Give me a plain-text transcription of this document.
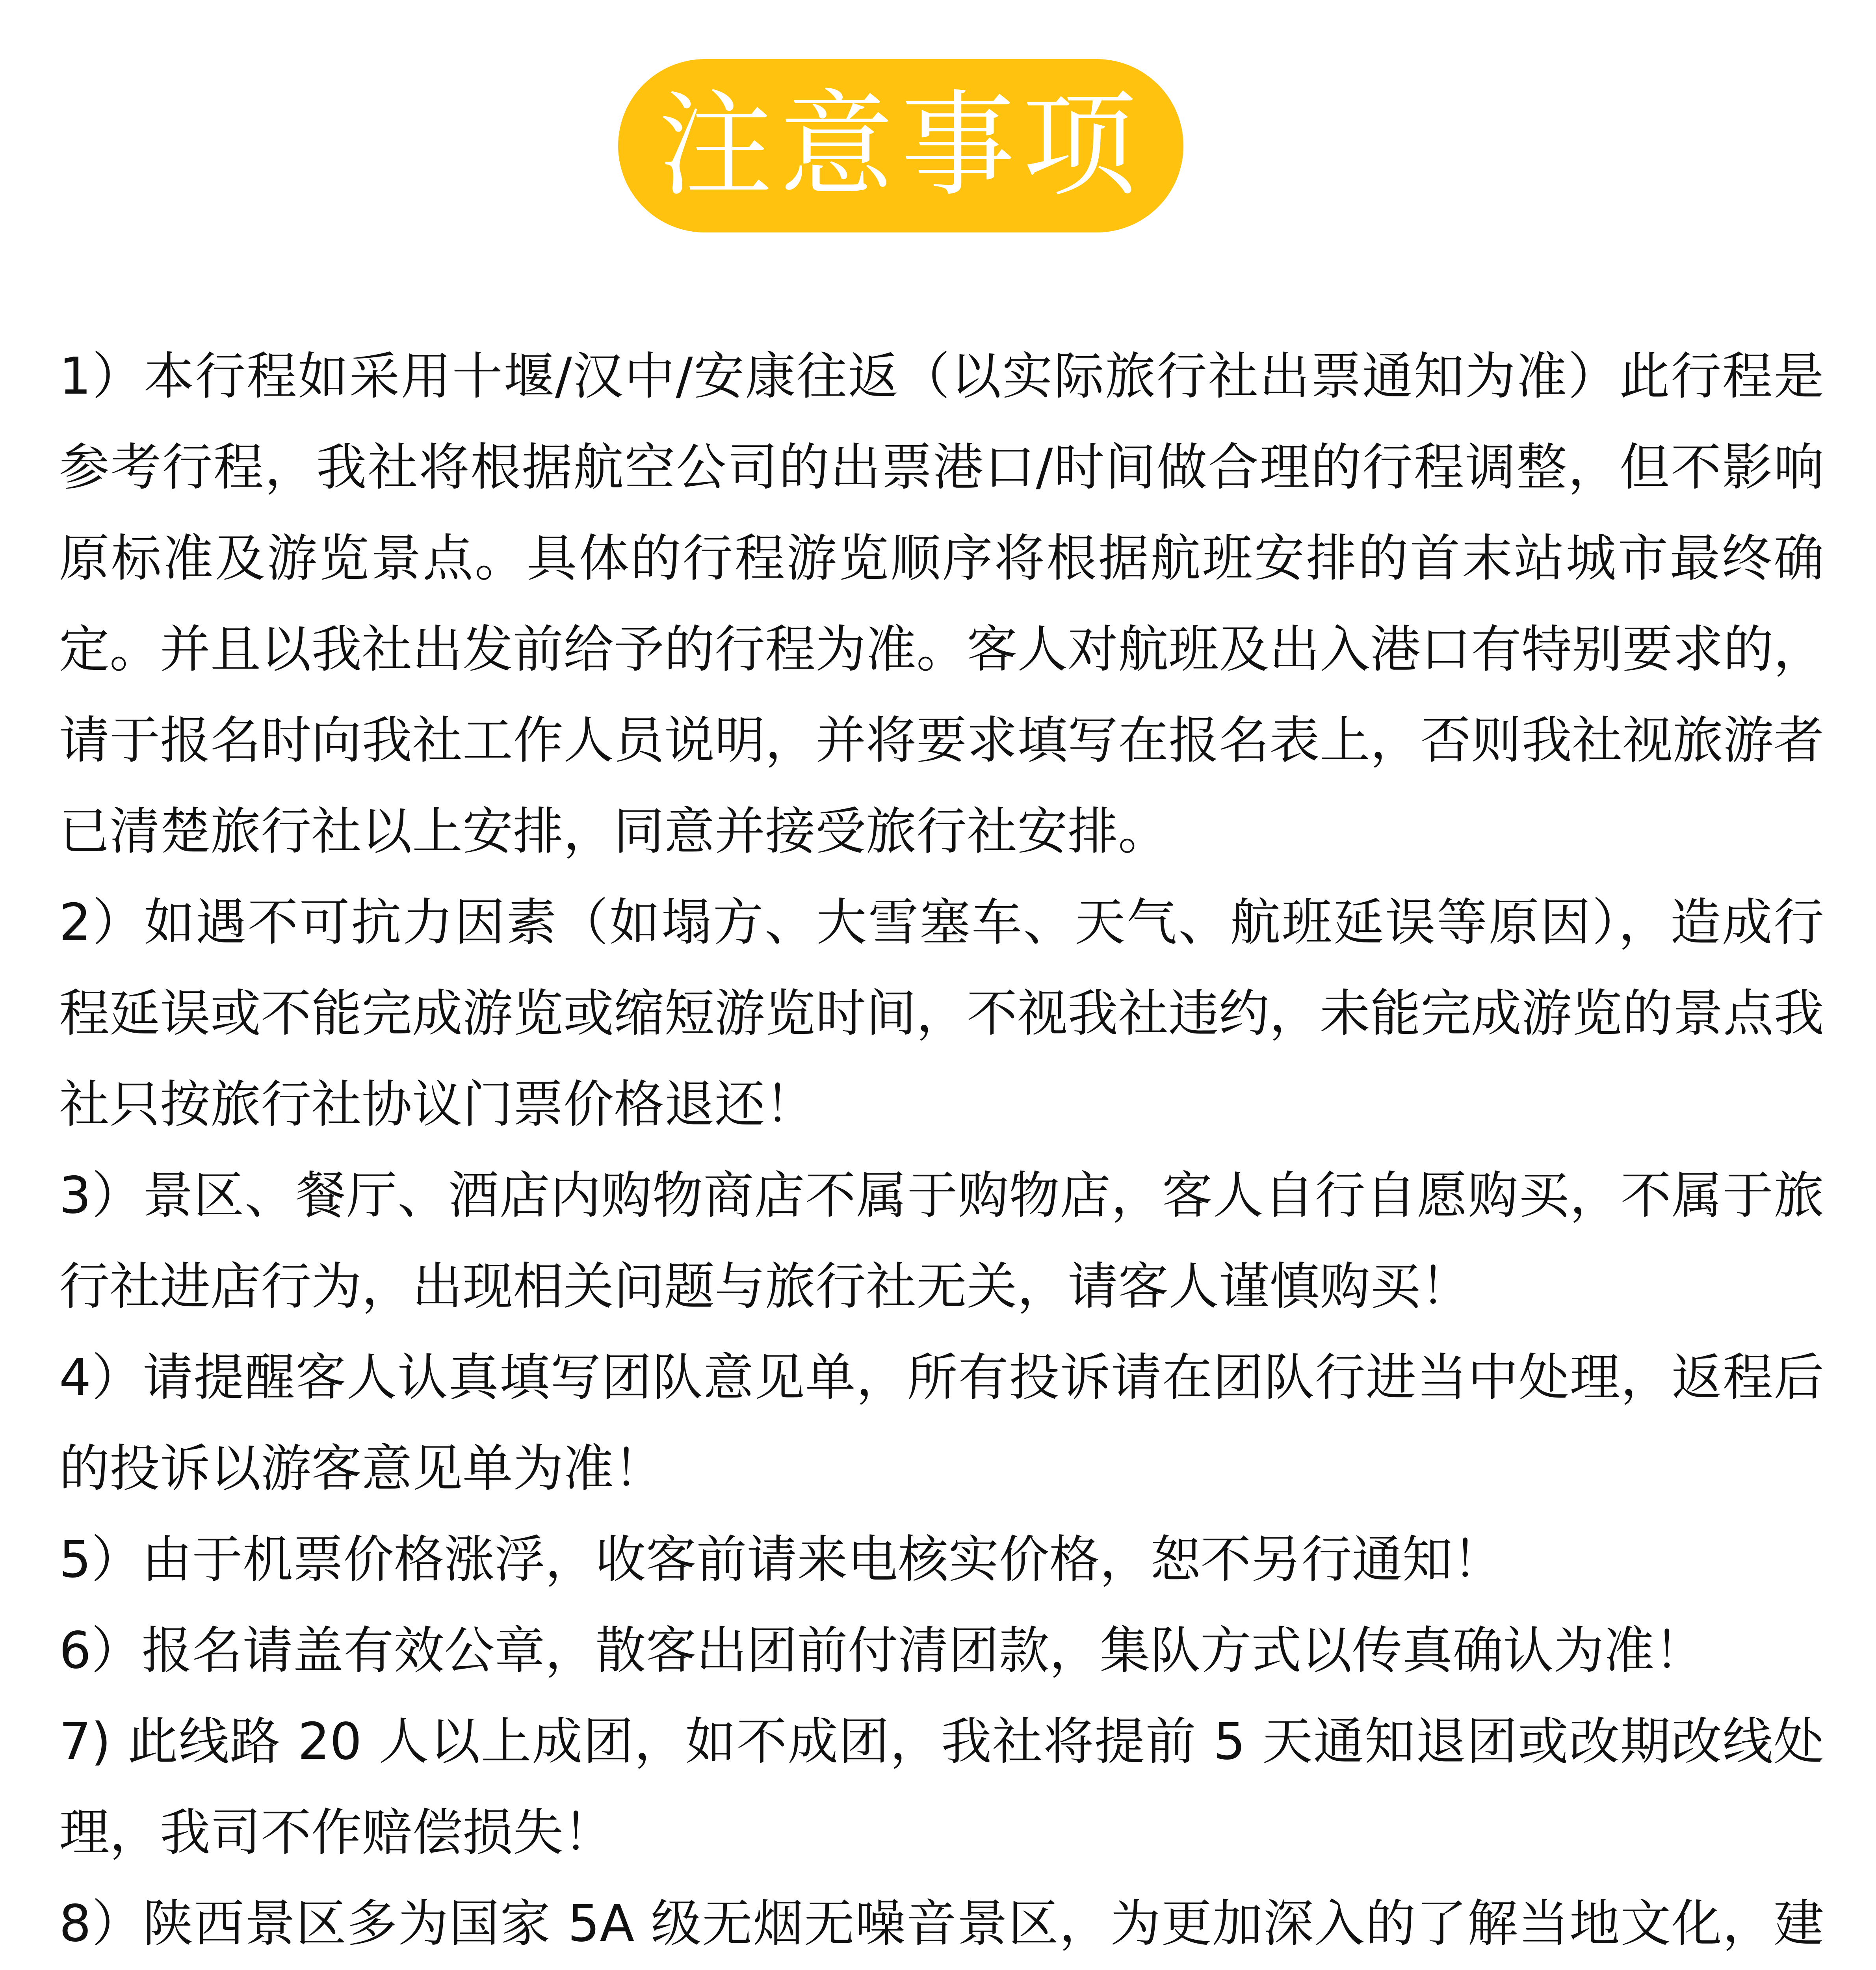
注意事项

1）本行程如采用十堰/汉中/安康往返（以实际旅行社出票通知为准）此行程是参考行程，我社将根据航空公司的出票港口/时间做合理的行程调整，但不影响原标准及游览景点。具体的行程游览顺序将根据航班安排的首末站城市最终确定。并且以我社出发前给予的行程为准。客人对航班及出入港口有特别要求的，请于报名时向我社工作人员说明，并将要求填写在报名表上，否则我社视旅游者已清楚旅行社以上安排，同意并接受旅行社安排。

2）如遇不可抗力因素（如塌方、大雪塞车、天气、航班延误等原因），造成行程延误或不能完成游览或缩短游览时间，不视我社违约，未能完成游览的景点我社只按旅行社协议门票价格退还！

3）景区、餐厅、酒店内购物商店不属于购物店，客人自行自愿购买，不属于旅行社进店行为，出现相关问题与旅行社无关，请客人谨慎购买！

4）请提醒客人认真填写团队意见单，所有投诉请在团队行进当中处理，返程后的投诉以游客意见单为准！

5）由于机票价格涨浮，收客前请来电核实价格，恕不另行通知！

6）报名请盖有效公章，散客出团前付清团款，集队方式以传真确认为准！

7) 此线路 20 人以上成团，如不成团，我社将提前 5 天通知退团或改期改线处理，我司不作赔偿损失！

8）陕西景区多为国家 5A 级无烟无噪音景区，为更加深入的了解当地文化，建
